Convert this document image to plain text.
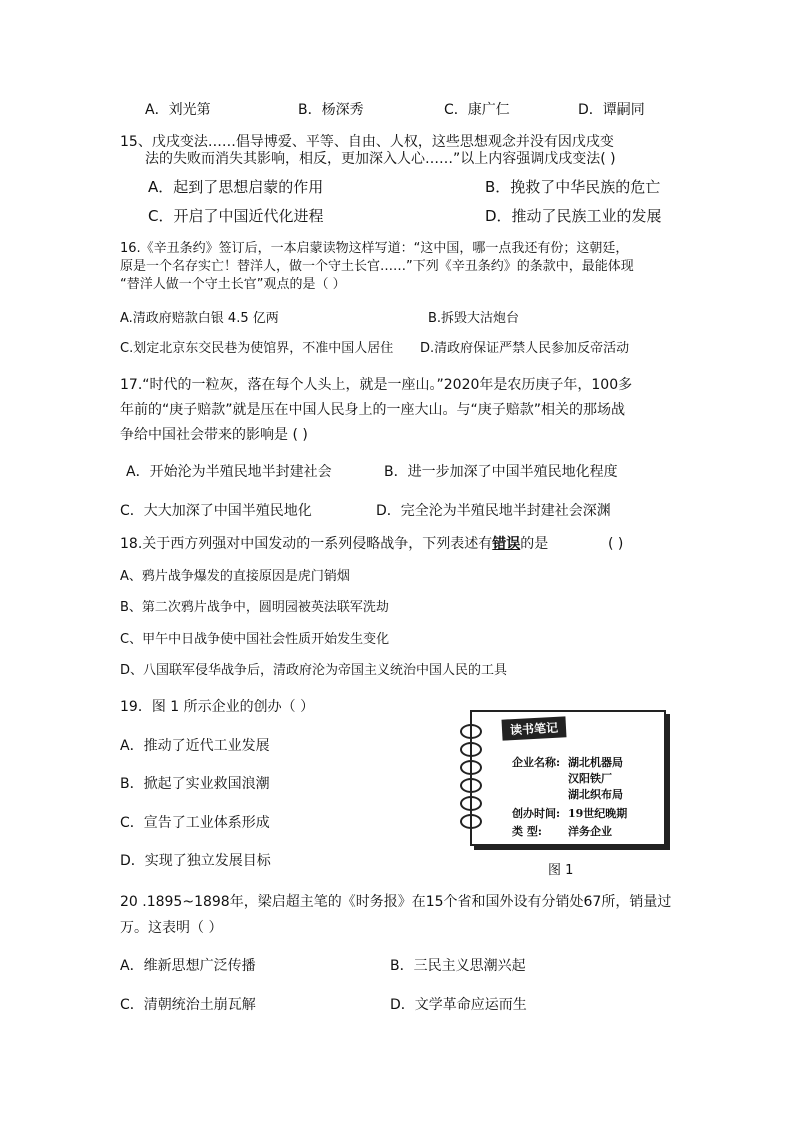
A．刘光第	B．杨深秀	C．康广仁	D．谭嗣同
15、戊戌变法……倡导博爱、平等、自由、人权，这些思想观念并没有因戊戌变
法的失败而消失其影响，相反，更加深入人心……”以上内容强调戊戌变法( )
A．起到了思想启蒙的作用	B．挽救了中华民族的危亡
C．开启了中国近代化进程	D．推动了民族工业的发展
16.《辛丑条约》签订后，一本启蒙读物这样写道：“这中国，哪一点我还有份；这朝廷，
原是一个名存实亡！替洋人，做一个守土长官……”下列《辛丑条约》的条款中，最能体现
“替洋人做一个守土长官”观点的是（ ）
A.清政府赔款白银 4.5 亿两	B.拆毁大沽炮台
C.划定北京东交民巷为使馆界，不准中国人居住 D.清政府保证严禁人民参加反帝活动
17.“时代的一粒灰，落在每个人头上，就是一座山。”2020年是农历庚子年，100多
年前的“庚子赔款”就是压在中国人民身上的一座大山。与“庚子赔款”相关的那场战
争给中国社会带来的影响是 ( )
A．开始沦为半殖民地半封建社会	B．进一步加深了中国半殖民地化程度
C．大大加深了中国半殖民地化	D．完全沦为半殖民地半封建社会深渊
18.关于西方列强对中国发动的一系列侵略战争，下列表述有错误的是	( )
A、鸦片战争爆发的直接原因是虎门销烟
B、第二次鸦片战争中，圆明园被英法联军洗劫
C、甲午中日战争使中国社会性质开始发生变化
D、八国联军侵华战争后，清政府沦为帝国主义统治中国人民的工具
19．图 1 所示企业的创办（ ）
A．推动了近代工业发展
B．掀起了实业救国浪潮
C．宣告了工业体系形成
D．实现了独立发展目标
读书笔记
企业名称: 湖北机器局
汉阳铁厂
湖北织布局
创办时间: 19世纪晚期
类 型: 洋务企业
图 1
20 .1895~1898年，梁启超主笔的《时务报》在15个省和国外设有分销处67所，销量过
万。这表明（ ）
A．维新思想广泛传播	B．三民主义思潮兴起
C．清朝统治土崩瓦解	D．文学革命应运而生
